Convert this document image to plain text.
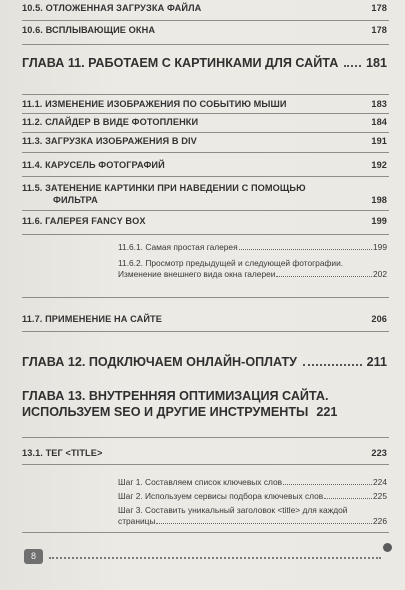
10.5. ОТЛОЖЕННАЯ ЗАГРУЗКА ФАЙЛА	178
10.6. ВСПЛЫВАЮЩИЕ ОКНА	178
ГЛАВА 11. РАБОТАЕМ С КАРТИНКАМИ ДЛЯ САЙТА 181
11.1. ИЗМЕНЕНИЕ ИЗОБРАЖЕНИЯ ПО СОБЫТИЮ МЫШИ	183
11.2. СЛАЙДЕР В ВИДЕ ФОТОПЛЕНКИ	184
11.3. ЗАГРУЗКА ИЗОБРАЖЕНИЯ В DIV	191
11.4. КАРУСЕЛЬ ФОТОГРАФИЙ	192
11.5. ЗАТЕНЕНИЕ КАРТИНКИ ПРИ НАВЕДЕНИИ С ПОМОЩЬЮ
ФИЛЬТРА	198
11.6. ГАЛЕРЕЯ FANCY BOX	199
11.6.1. Самая простая галерея	199
11.6.2. Просмотр предыдущей и следующей фотографии.
Изменение внешнего вида окна галереи	202
11.7. ПРИМЕНЕНИЕ НА САЙТЕ	206
ГЛАВА 12. ПОДКЛЮЧАЕМ ОНЛАЙН-ОПЛАТУ	211
ГЛАВА 13. ВНУТРЕННЯЯ ОПТИМИЗАЦИЯ САЙТА.
ИСПОЛЬЗУЕМ SEO И ДРУГИЕ ИНСТРУМЕНТЫ 221
13.1. ТЕГ <TITLE>	223
Шаг 1. Составляем список ключевых слов	224
Шаг 2. Используем сервисы подбора ключевых слов	225
Шаг 3. Составить уникальный заголовок <title> для каждой
страницы	226
8
